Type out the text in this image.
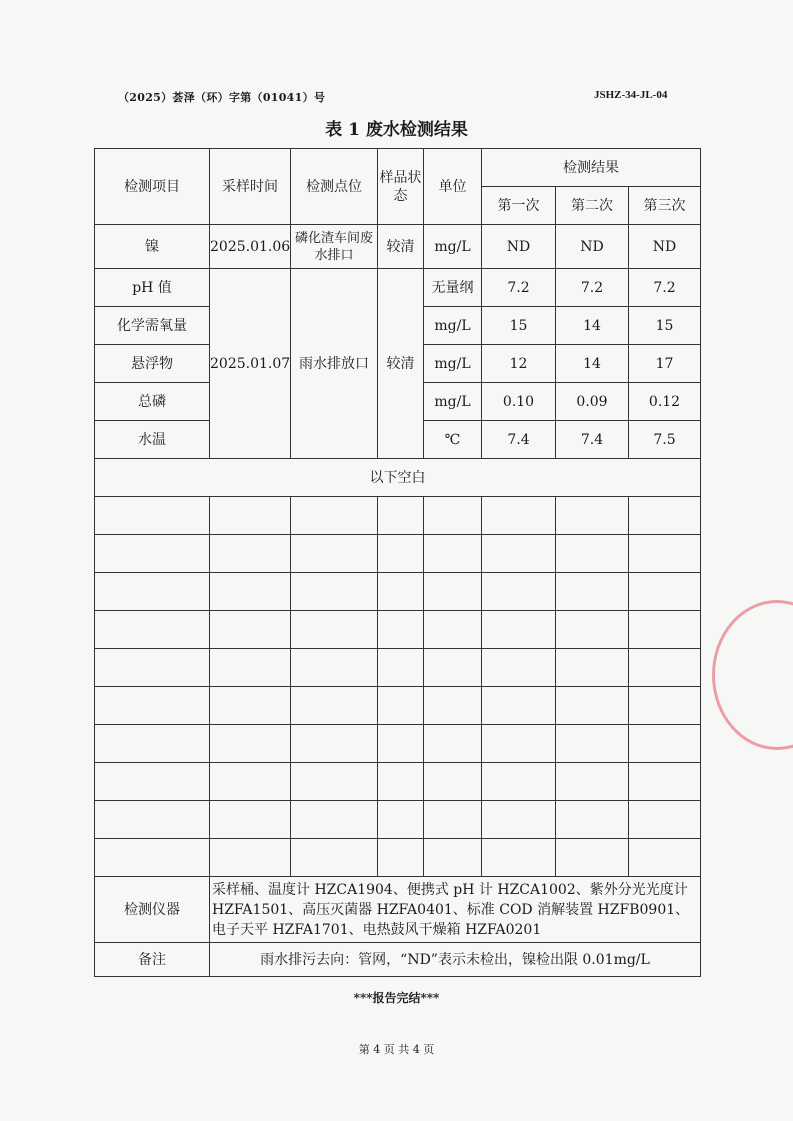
（2025）荟泽（环）字第（01041）号	JSHZ-34-JL-04
表 1 废水检测结果
检测项目	采样时间	检测点位	样品状态	单位	检测结果		
					第一次	第二次	第三次
镍	2025.01.06	磷化渣车间废水排口	较清	mg/L	ND	ND	ND
pH 值	2025.01.07	雨水排放口	较清	无量纲	7.2	7.2	7.2
化学需氧量				mg/L	15	14	15
悬浮物				mg/L	12	14	17
总磷				mg/L	0.10	0.09	0.12
水温				℃	7.4	7.4	7.5
以下空白							

检测仪器	采样桶、温度计 HZCA1904、便携式 pH 计 HZCA1002、紫外分光光度计 HZFA1501、高压灭菌器 HZFA0401、标准 COD 消解装置 HZFB0901、电子天平 HZFA1701、电热鼓风干燥箱 HZFA0201						
备注	雨水排污去向：管网，“ND”表示未检出，镍检出限 0.01mg/L						
***报告完结***
第 4 页 共 4 页
